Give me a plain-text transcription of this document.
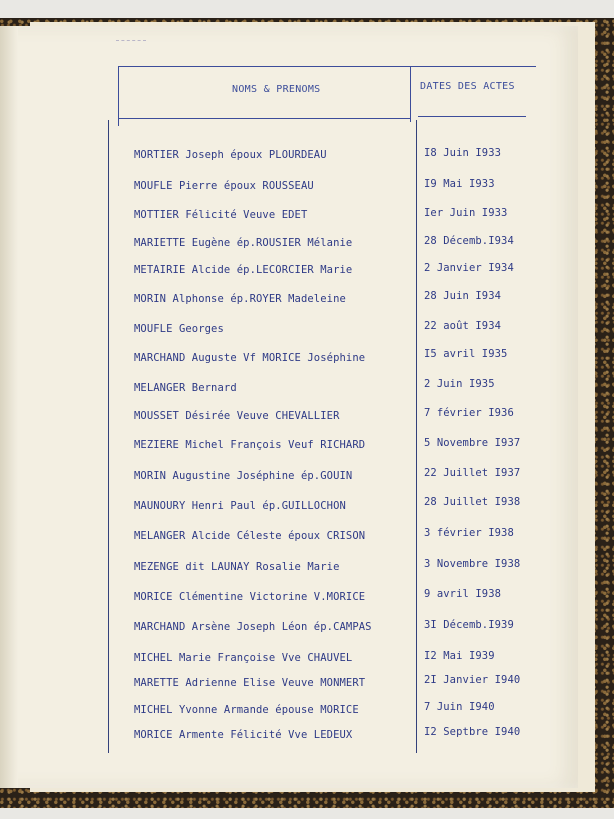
NOMS & PRENOMS	DATES DES ACTES
MORTIER Joseph époux PLOURDEAU	I8 Juin I933
MOUFLE Pierre époux ROUSSEAU	I9 Mai I933
MOTTIER Félicité Veuve EDET	Ier Juin I933
MARIETTE Eugène ép.ROUSIER Mélanie	28 Décemb.I934
METAIRIE Alcide ép.LECORCIER Marie	2 Janvier I934
MORIN Alphonse ép.ROYER Madeleine	28 Juin I934
MOUFLE Georges	22 août I934
MARCHAND Auguste Vf MORICE Joséphine	I5 avril I935
MELANGER Bernard	2 Juin I935
MOUSSET Désirée Veuve CHEVALLIER	7 février I936
MEZIERE Michel François Veuf RICHARD	5 Novembre I937
MORIN Augustine Joséphine ép.GOUIN	22 Juillet I937
MAUNOURY Henri Paul ép.GUILLOCHON	28 Juillet I938
MELANGER Alcide Céleste époux CRISON	3 février I938
MEZENGE dit LAUNAY Rosalie Marie	3 Novembre I938
MORICE Clémentine Victorine V.MORICE	9 avril I938
MARCHAND Arsène Joseph Léon ép.CAMPAS	3I Décemb.I939
MICHEL Marie Françoise Vve CHAUVEL	I2 Mai I939
MARETTE Adrienne Elise Veuve MONMERT	2I Janvier I940
MICHEL Yvonne Armande épouse MORICE	7 Juin I940
MORICE Armente Félicité Vve LEDEUX	I2 Septbre I940
